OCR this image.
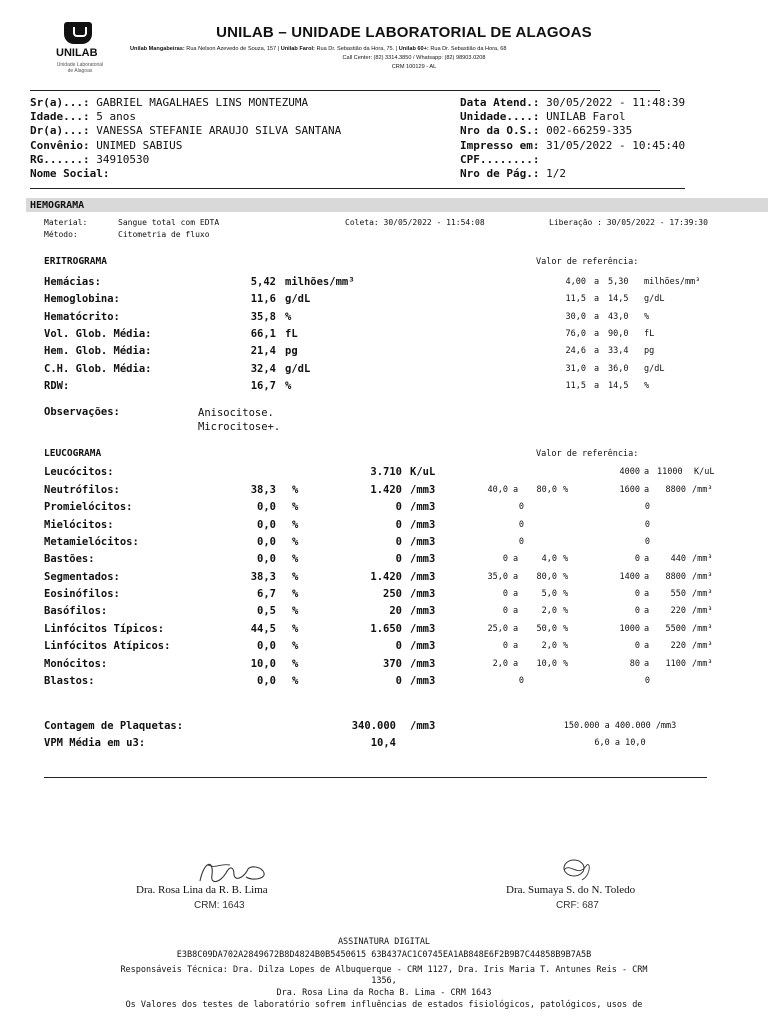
UNILAB
Unidade Laboratorial de Alagoas
UNILAB – UNIDADE LABORATORIAL DE ALAGOAS
Unilab Mangabeiras: Rua Nelson Azevedo de Souza, 157 | Unilab Farol: Rua Dr. Sebastião da Hora, 75. | Unilab 60+: Rua Dr. Sebastião da Hora, 68
Call Center: (82) 3314.3850 / Whatsapp: (82) 98903.0208
CRM 100129 - AL
Sr(a)...: GABRIEL MAGALHAES LINS MONTEZUMA
Idade...: 5 anos
Dr(a)...: VANESSA STEFANIE ARAUJO SILVA SANTANA
Convênio: UNIMED SABIUS
RG......: 34910530
Nome Social:
Data Atend.: 30/05/2022 - 11:48:39
Unidade....: UNILAB Farol
Nro da O.S.: 002-66259-335
Impresso em: 31/05/2022 - 10:45:40
CPF........:
Nro de Pág.: 1/2
HEMOGRAMA
Material:	Sangue total com EDTA	Coleta: 30/05/2022 - 11:54:08	Liberação : 30/05/2022 - 17:39:30
Método:	Citometria de fluxo
ERITROGRAMA	Valor de referência:
Hemácias:	5,42 milhões/mm³	4,00 a 5,30 milhões/mm³
Hemoglobina:	11,6 g/dL	11,5 a 14,5 g/dL
Hematócrito:	35,8 %	30,0 a 43,0 %
Vol. Glob. Média:	66,1 fL	76,0 a 90,0 fL
Hem. Glob. Média:	21,4 pg	24,6 a 33,4 pg
C.H. Glob. Média:	32,4 g/dL	31,0 a 36,0 g/dL
RDW:	16,7 %	11,5 a 14,5 %
Observações:	Anisocitose.
Microcitose+.
LEUCOGRAMA	Valor de referência:
Leucócitos:	3.710 K/uL	4000 a 11000 K/uL
Neutrófilos:	38,3 %	1.420 /mm3	40,0 a	80,0 %	1600 a	8800 /mm³
Promielócitos:	0,0 %	0 /mm3	0	0
Mielócitos:	0,0 %	0 /mm3	0	0
Metamielócitos:	0,0 %	0 /mm3	0	0
Bastões:	0,0 %	0 /mm3	0 a	4,0 %	0 a	440 /mm³
Segmentados:	38,3 %	1.420 /mm3	35,0 a	80,0 %	1400 a	8800 /mm³
Eosinófilos:	6,7 %	250 /mm3	0 a	5,0 %	0 a	550 /mm³
Basófilos:	0,5 %	20 /mm3	0 a	2,0 %	0 a	220 /mm³
Linfócitos Típicos:	44,5 %	1.650 /mm3	25,0 a	50,0 %	1000 a	5500 /mm³
Linfócitos Atípicos:	0,0 %	0 /mm3	0 a	2,0 %	0 a	220 /mm³
Monócitos:	10,0 %	370 /mm3	2,0 a	10,0 %	80 a	1100 /mm³
Blastos:	0,0 %	0 /mm3	0	0
Contagem de Plaquetas:	340.000 /mm3	150.000 a 400.000 /mm3
VPM Média em u3:	10,4	6,0 a 10,0
Dra. Rosa Lina da R. B. Lima
CRM: 1643
Dra. Sumaya S. do N. Toledo
CRF: 687
ASSINATURA DIGITAL
E3B8C09DA702A2849672B8D4824B0B5450615 63B437AC1C0745EA1AB848E6F2B9B7C44858B9B7A5B
Responsáveis Técnica: Dra. Dilza Lopes de Albuquerque - CRM 1127, Dra. Iris Maria T. Antunes Reis - CRM
1356,
Dra. Rosa Lina da Rocha B. Lima - CRM 1643
Os Valores dos testes de laboratório sofrem influências de estados fisiológicos, patológicos, usos de
